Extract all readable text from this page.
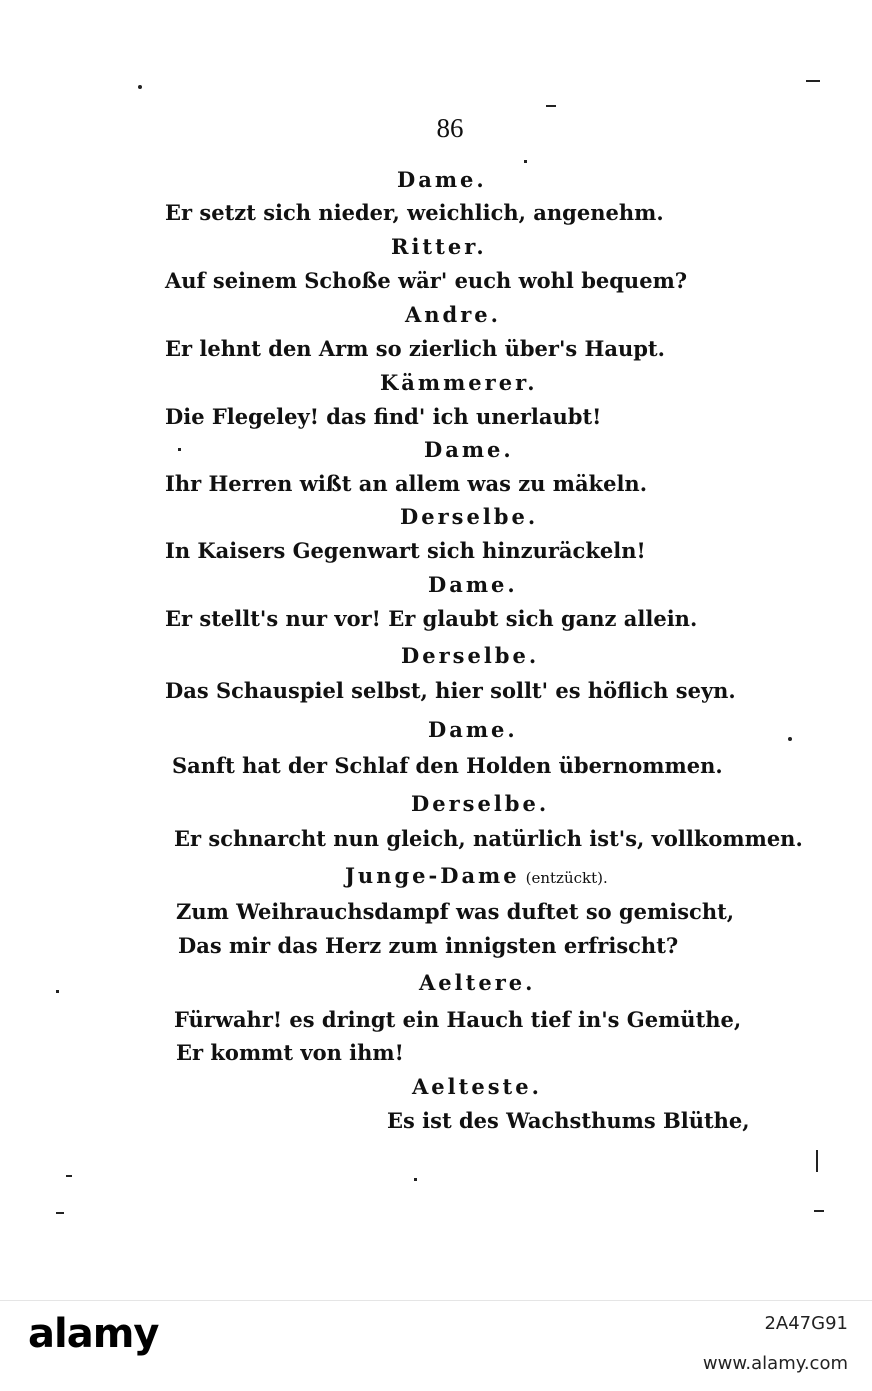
86
Dame.
Er setzt sich nieder, weichlich, angenehm.
Ritter.
Auf seinem Schoße wär' euch wohl bequem?
Andre.
Er lehnt den Arm so zierlich über's Haupt.
Kämmerer.
Die Flegeley! das find' ich unerlaubt!
Dame.
Ihr Herren wißt an allem was zu mäkeln.
Derselbe.
In Kaisers Gegenwart sich hinzuräckeln!
Dame.
Er stellt's nur vor! Er glaubt sich ganz allein.
Derselbe.
Das Schauspiel selbst, hier sollt' es höflich seyn.
Dame.
Sanft hat der Schlaf den Holden übernommen.
Derselbe.
Er schnarcht nun gleich, natürlich ist's, vollkommen.
Junge-Dame (entzückt).
Zum Weihrauchsdampf was duftet so gemischt,
Das mir das Herz zum innigsten erfrischt?
Aeltere.
Fürwahr! es dringt ein Hauch tief in's Gemüthe,
Er kommt von ihm!
Aelteste.
Es ist des Wachsthums Blüthe,
alamy	2A47G91
www.alamy.com
